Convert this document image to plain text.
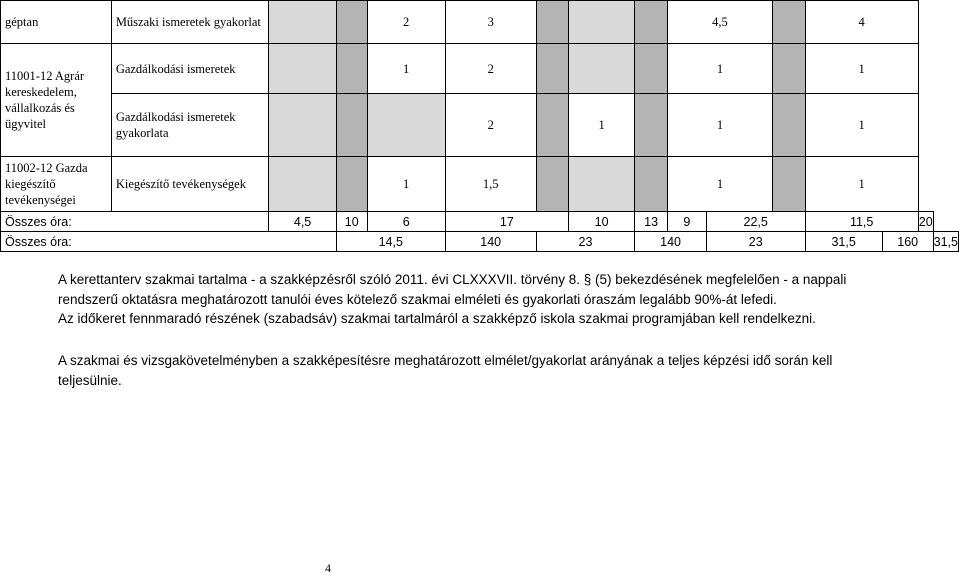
géptan	Műszaki ismeretek gyakorlat			2	3				4,5			4			
11001-12 Agrár kereskedelem, vállalkozás és ügyvitel	Gazdálkodási ismeretek			1	2				1			1			
	Gazdálkodási ismeretek gyakorlata				2		1		1			1			
11002-12 Gazda kiegészítő tevékenységei	Kiegészítő tevékenységek			1	1,5				1			1			
Összes óra:		4,5	10	6	17		10	13	9	22,5		11,5		20	
Összes óra:			14,5		140	23		140		23		31,5	160		31,5
A kerettanterv szakmai tartalma - a szakképzésről szóló 2011. évi CLXXXVII. törvény 8. § (5) bekezdésének megfelelően - a nappali
rendszerű oktatásra meghatározott tanulói éves kötelező szakmai elméleti és gyakorlati óraszám legalább 90%-át lefedi.
Az időkeret fennmaradó részének (szabadsáv) szakmai tartalmáról a szakképző iskola szakmai programjában kell rendelkezni.
A szakmai és vizsgakövetelményben a szakképesítésre meghatározott elmélet/gyakorlat arányának a teljes képzési idő során kell
teljesülnie.
4
